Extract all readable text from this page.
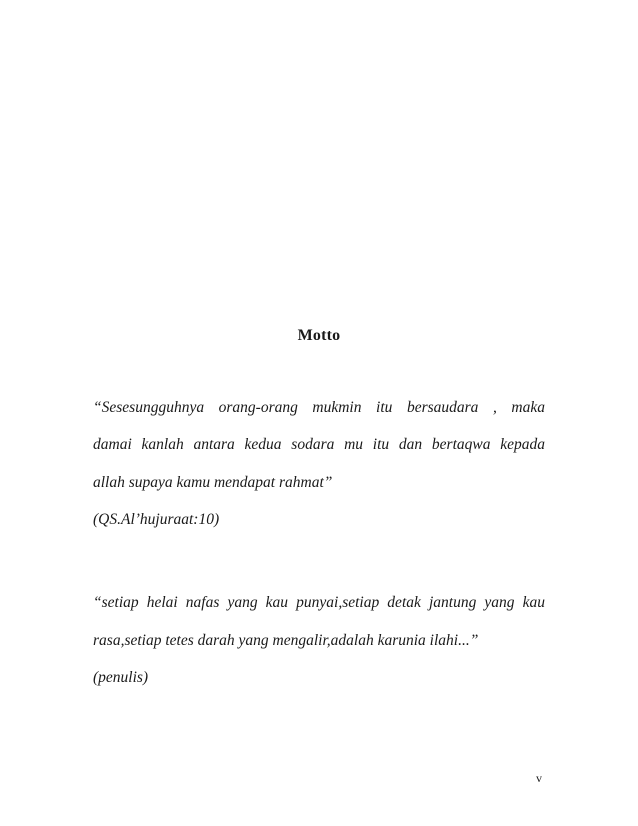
Motto
“Sesesungguhnya orang-orang mukmin itu bersaudara , maka
damai kanlah antara kedua sodara mu itu dan bertaqwa kepada
allah supaya kamu mendapat rahmat”
(QS.Al’hujuraat:10)
“setiap helai nafas yang kau punyai,setiap detak jantung yang kau
rasa,setiap tetes darah yang mengalir,adalah karunia ilahi...”
(penulis)
v
